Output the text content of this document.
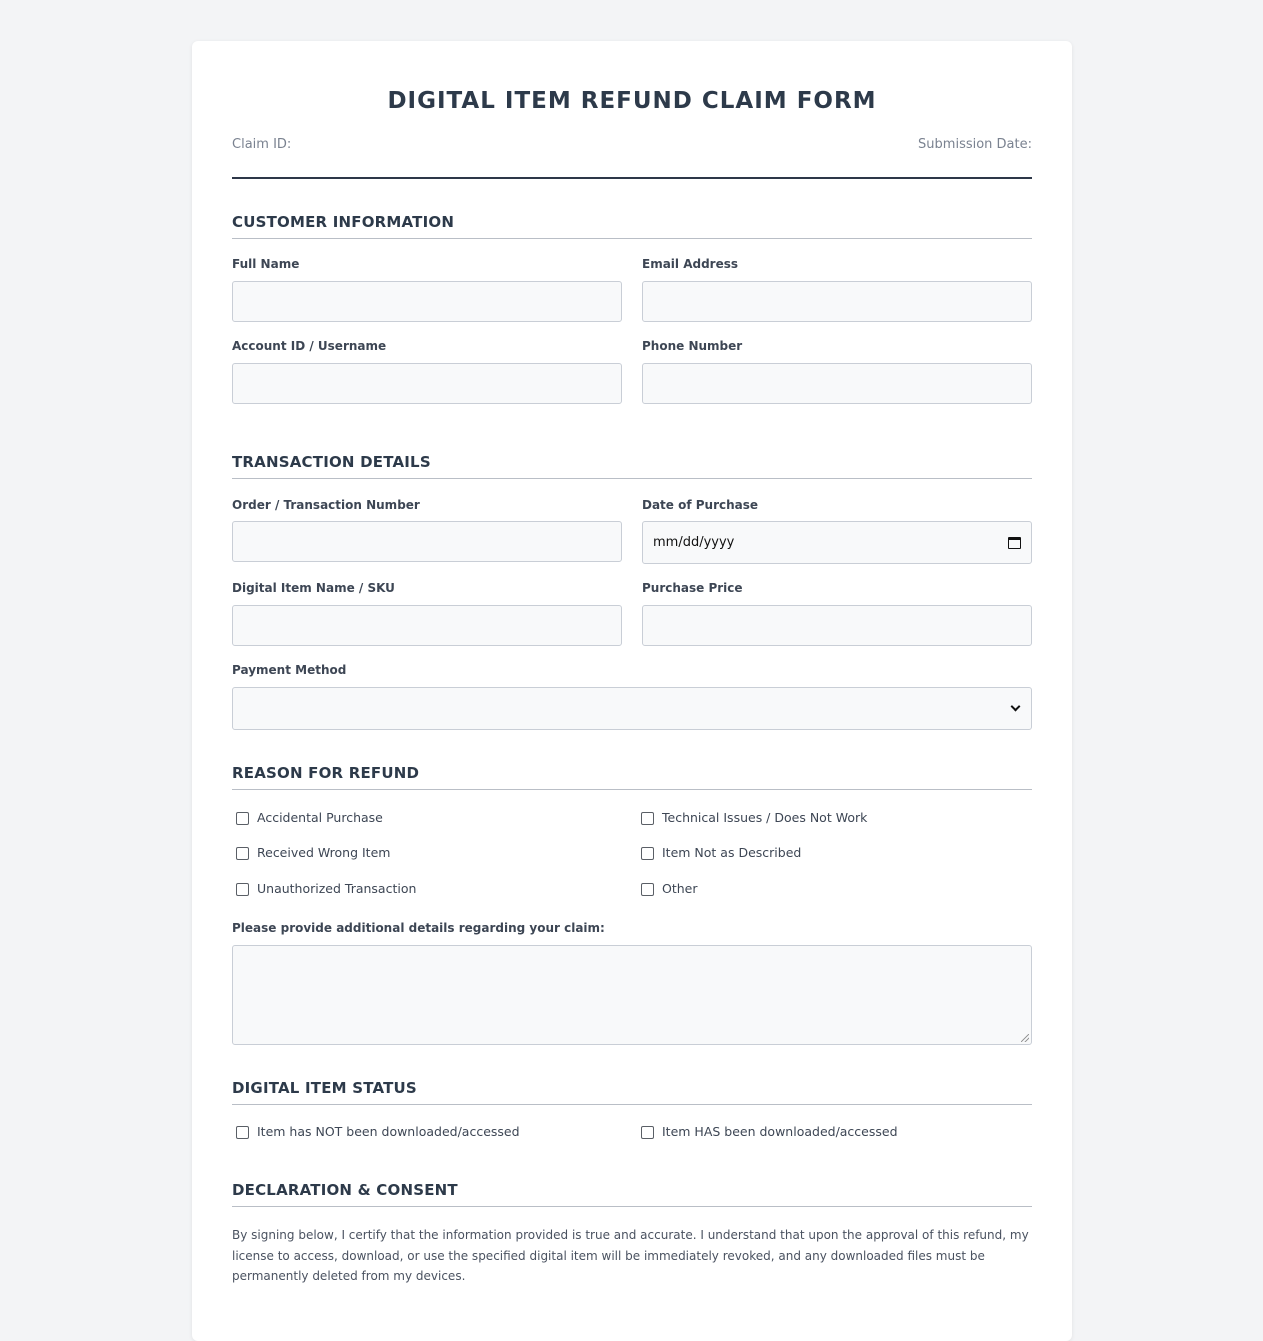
DIGITAL ITEM REFUND CLAIM FORM
Claim ID:	Submission Date:
CUSTOMER INFORMATION
Full Name	Email Address
Account ID / Username	Phone Number
TRANSACTION DETAILS
Order / Transaction Number	Date of Purchase
mm/dd/yyyy
Digital Item Name / SKU	Purchase Price
Payment Method
REASON FOR REFUND
Accidental Purchase	Technical Issues / Does Not Work
Received Wrong Item	Item Not as Described
Unauthorized Transaction	Other
Please provide additional details regarding your claim:
DIGITAL ITEM STATUS
Item has NOT been downloaded/accessed	Item HAS been downloaded/accessed
DECLARATION & CONSENT

By signing below, I certify that the information provided is true and accurate. I understand that upon the approval of this refund, my license to access, download, or use the specified digital item will be immediately revoked, and any downloaded files must be permanently deleted from my devices.
